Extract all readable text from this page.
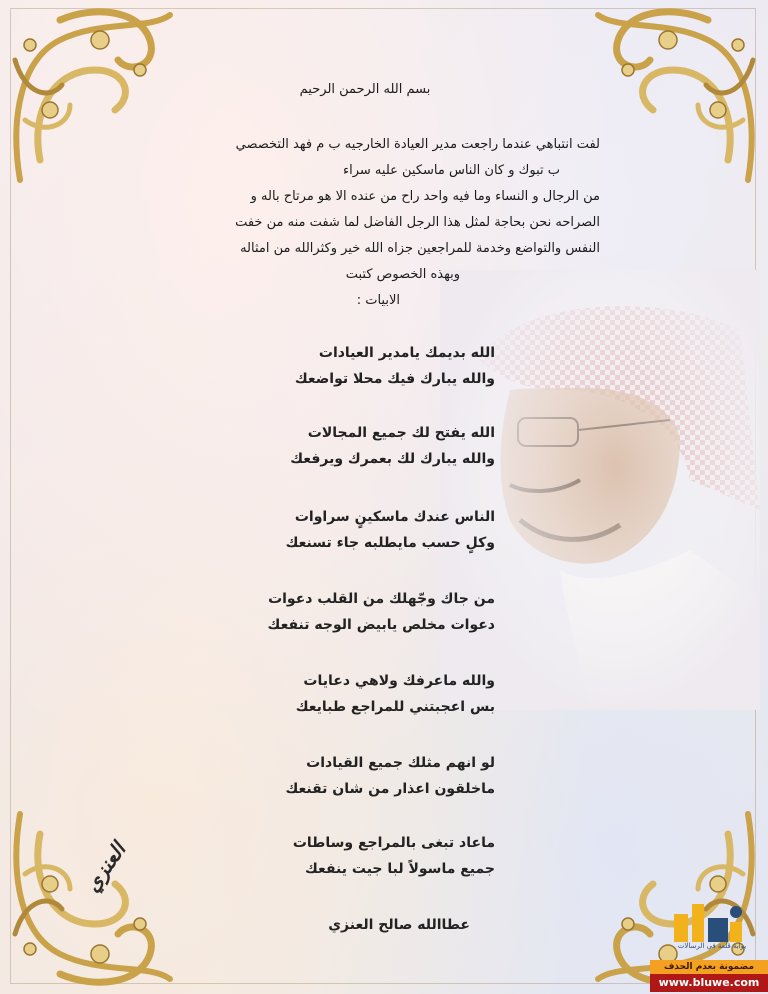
بسم الله الرحمن الرحيم
لفت انتباهي عندما راجعت مدير العيادة الخارجيه ب م فهد التخصصي
ب تبوك و كان الناس ماسكين عليه سراء
من الرجال و النساء وما فيه واحد راح من عنده الا هو مرتاح باله و
الصراحه نحن بحاجة لمثل هذا الرجل الفاضل لما شفت منه من خفت
النفس والتواضع وخدمة للمراجعين جزاه الله خير وكثرالله من امثاله
وبهذه الخصوص كتبت
الابيات :
الله بديمك يامدير العيادات
والله يبارك فيك محلا تواضعك
الله يفتح لك جميع المجالات
والله يبارك لك بعمرك ويرفعك
الناس عندك ماسكينٍ سراوات
وكلٍ حسب مايطلبه جاء تسنعك
من جاك وجّهلك من القلب دعوات
دعوات مخلص يابيض الوجه تنفعك
والله ماعرفك ولاهي دعايات
بس اعجبتني للمراجع طبايعك
لو انهم مثلك جميع القيادات
ماخلقون اعذار من شان تقنعك
ماعاد تبغى بالمراجع وساطات
جميع ماسولاً لبا جيت ينفعك
عطاالله صالح العنزي
العنزي
بوابة قلعة في الرسالات
مضمونة بعدم الحذف
www.bluwe.com
